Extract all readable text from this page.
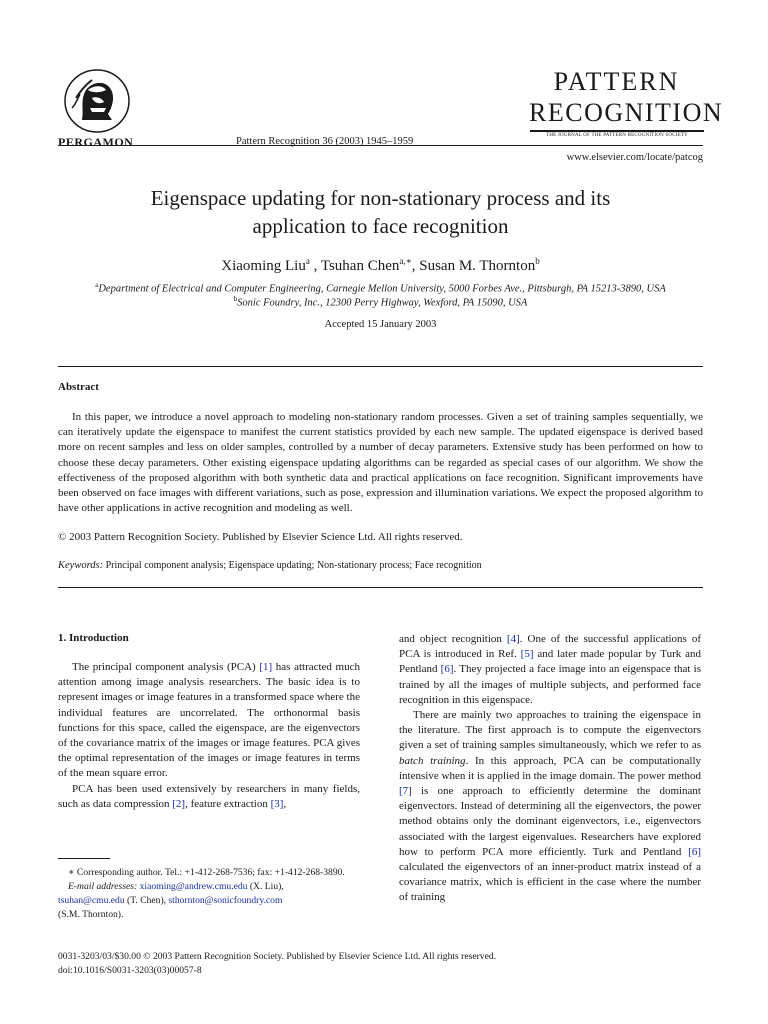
PERGAMON	Pattern Recognition 36 (2003) 1945–1959
PATTERN
RECOGNITION
THE JOURNAL OF THE PATTERN RECOGNITION SOCIETY
www.elsevier.com/locate/patcog
Eigenspace updating for non-stationary process and its
application to face recognition
Xiaoming Liu$^a$ , Tsuhan Chen$^{a,∗}$, Susan M. Thornton$^b$
$^a$Department of Electrical and Computer Engineering, Carnegie Mellon University, 5000 Forbes Ave., Pittsburgh, PA 15213-3890, USA
$^b$Sonic Foundry, Inc., 12300 Perry Highway, Wexford, PA 15090, USA
Accepted 15 January 2003
Abstract
In this paper, we introduce a novel approach to modeling non-stationary random processes. Given a set of training samples sequentially, we can iteratively update the eigenspace to manifest the current statistics provided by each new sample. The updated eigenspace is derived based more on recent samples and less on older samples, controlled by a number of decay parameters. Extensive study has been performed on how to choose these decay parameters. Other existing eigenspace updating algorithms can be regarded as special cases of our algorithm. We show the effectiveness of the proposed algorithm with both synthetic data and practical applications on face recognition. Significant improvements have been observed on face images with different variations, such as pose, expression and illumination variations. We expect the proposed algorithm to have other applications in active recognition and modeling as well.
© 2003 Pattern Recognition Society. Published by Elsevier Science Ltd. All rights reserved.
Keywords: Principal component analysis; Eigenspace updating; Non-stationary process; Face recognition
1. Introduction

The principal component analysis (PCA) [1] has attracted much attention among image analysis researchers. The basic idea is to represent images or image features in a transformed space where the individual features are uncorrelated. The orthonormal basis functions for this space, called the eigenspace, are the eigenvectors of the covariance matrix of the images or image features. PCA gives the optimal representation of the images or image features in terms of the mean square error.

PCA has been used extensively by researchers in many fields, such as data compression [2], feature extraction [3],

and object recognition [4]. One of the successful applications of PCA is introduced in Ref. [5] and later made popular by Turk and Pentland [6]. They projected a face image into an eigenspace that is trained by all the images of multiple subjects, and performed face recognition in this eigenspace.

There are mainly two approaches to training the eigenspace in the literature. The first approach is to compute the eigenvectors given a set of training samples simultaneously, which we refer to as batch training. In this approach, PCA can be computationally intensive when it is applied in the image domain. The power method [7] is one approach to efficiently determine the dominant eigenvectors. Instead of determining all the eigenvectors, the power method obtains only the dominant eigenvectors, i.e., eigenvectors associated with the largest eigenvalues. Researchers have explored how to perform PCA more efficiently. Turk and Pentland [6] calculated the eigenvectors of an inner-product matrix instead of a covariance matrix, which is efficient in the case where the number of training

∗ Corresponding author. Tel.: +1-412-268-7536; fax: +1-412-268-3890.

E-mail addresses: xiaoming@andrew.cmu.edu (X. Liu),

tsuhan@cmu.edu (T. Chen), sthornton@sonicfoundry.com

(S.M. Thornton).

0031-3203/03/$30.00 © 2003 Pattern Recognition Society. Published by Elsevier Science Ltd. All rights reserved.
doi:10.1016/S0031-3203(03)00057-8
